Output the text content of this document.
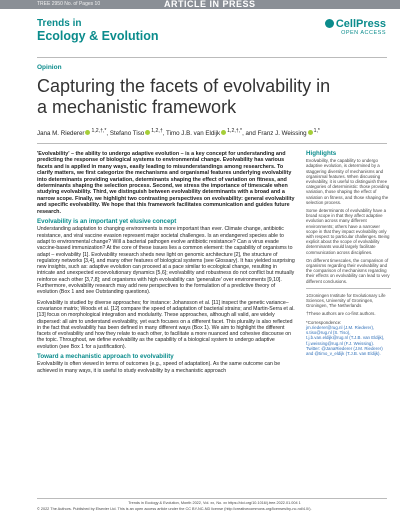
TREE 2950 No. of Pages 10	ARTICLE IN PRESS
Trends in
Ecology & Evolution
CellPress
OPEN ACCESS
Opinion
Capturing the facets of evolvability in a mechanistic framework
Jana M. Riederer $^{1,2,\dagger,*}$, Stefano Tiso $^{1,2,\dagger}$, Timo J.B. van Eldijk $^{1,2,\dagger,*}$, and Franz J. Weissing $^{1,*}$

'Evolvability' – the ability to undergo adaptive evolution – is a key concept for understanding and predicting the response of biological systems to environmental change. Evolvability has various facets and is applied in many ways, easily leading to misunderstandings among researchers. To clarify matters, we first categorize the mechanisms and organismal features underlying evolvability into determinants providing variation, determinants shaping the effect of variation on fitness, and determinants shaping the selection process. Second, we stress the importance of timescale when studying evolvability. Third, we distinguish between evolvability determinants with a broad and a narrow scope. Finally, we highlight two contrasting perspectives on evolvability: general evolvability and specific evolvability. We hope that this framework facilitates communication and guides future research.

Evolvability is an important yet elusive concept

Understanding adaptation to changing environments is more important than ever. Climate change, antibiotic resistance, and viral vaccine evasion represent major societal challenges. Is an endangered species able to adapt to environmental change? Will a bacterial pathogen evolve antibiotic resistance? Can a virus evade vaccine-based immunization? At the core of these issues lies a common element: the capability of organisms to adapt – evolvability [1]. Evolvability research sheds new light on genomic architecture [2], the structure of regulatory networks [3,4], and many other features of biological systems (see Glossary). It has yielded surprising new insights, such as: adaptive evolution can proceed at a pace similar to ecological change, resulting in intricate and unexpected ecoevolutionary dynamics [5,6]; evolvability and robustness do not conflict but mutually reinforce each other [3,7,8]; and organisms with high evolvability can 'generalize' over environments [9,10]. Furthermore, evolvability research may add new perspectives to the formulation of a predictive theory of evolution (Box 1 and see Outstanding questions).

Evolvability is studied by diverse approaches; for instance: Johansson et al. [11] inspect the genetic variance–covariance matrix; Woods et al. [12] compare the speed of adaptation of bacterial strains; and Martin-Serra et al. [13] focus on morphological integration and modularity. These approaches, although all valid, are widely dispersed: all aim to understand evolvability, yet each focuses on a different facet. This plurality is also reflected in the fact that evolvability has been defined in many different ways (Box 1). We aim to highlight the different facets of evolvability and how they relate to each other, to facilitate a more nuanced and cohesive discourse on the topic. Throughout, we define evolvability as the capability of a biological system to undergo adaptive evolution (see Box 1 for a justification).

Toward a mechanistic approach to evolvability

Evolvability is often viewed in terms of outcomes (e.g., speed of adaptation). As the same outcome can be achieved in many ways, it is useful to study evolvability by a mechanistic approach

Highlights

Evolvability, the capability to undergo adaptive evolution, is determined by a staggering diversity of mechanisms and organismal features. When discussing evolvability, it is useful to distinguish three categories of deterministic: those providing variation, those shaping the effect of variation on fitness, and those shaping the selection process.

Some determinants of evolvability have a broad scope in that they affect adaptive evolution across many different environments; others have a narrower scope in that they impact evolvability only with respect to particular challenges. Being explicit about the scope of evolvability determinants would largely facilitate communication across disciplines.

On different timescales, the comparison of organisms regarding their evolvability and the comparison of mechanisms regarding their effects on evolvability can lead to very different conclusions.

1Groningen Institute for Evolutionary Life Sciences, University of Groningen, Groningen, The Netherlands

†These authors are co-first authors.

*Correspondence:
jm.riederer@rug.nl (J.M. Riederer),
s.tiso@rug.nl (S. Tiso),
t.j.b.van.eldijk@rug.nl (T.J.B. van Eldijk),
f.j.weissing@rug.nl (F.J. Weissing).
Twitter: @JanaRiederer (J.M. Riederer)
and @timo_v_eldijk (T.J.B. van Eldijk).
Trends in Ecology & Evolution, Month 2022, Vol. xx, No. xx https://doi.org/10.1016/j.tree.2022.01.004 1
© 2022 The Authors. Published by Elsevier Ltd. This is an open access article under the CC BY-NC-ND license (http://creativecommons.org/licenses/by-nc-nd/4.0/).
